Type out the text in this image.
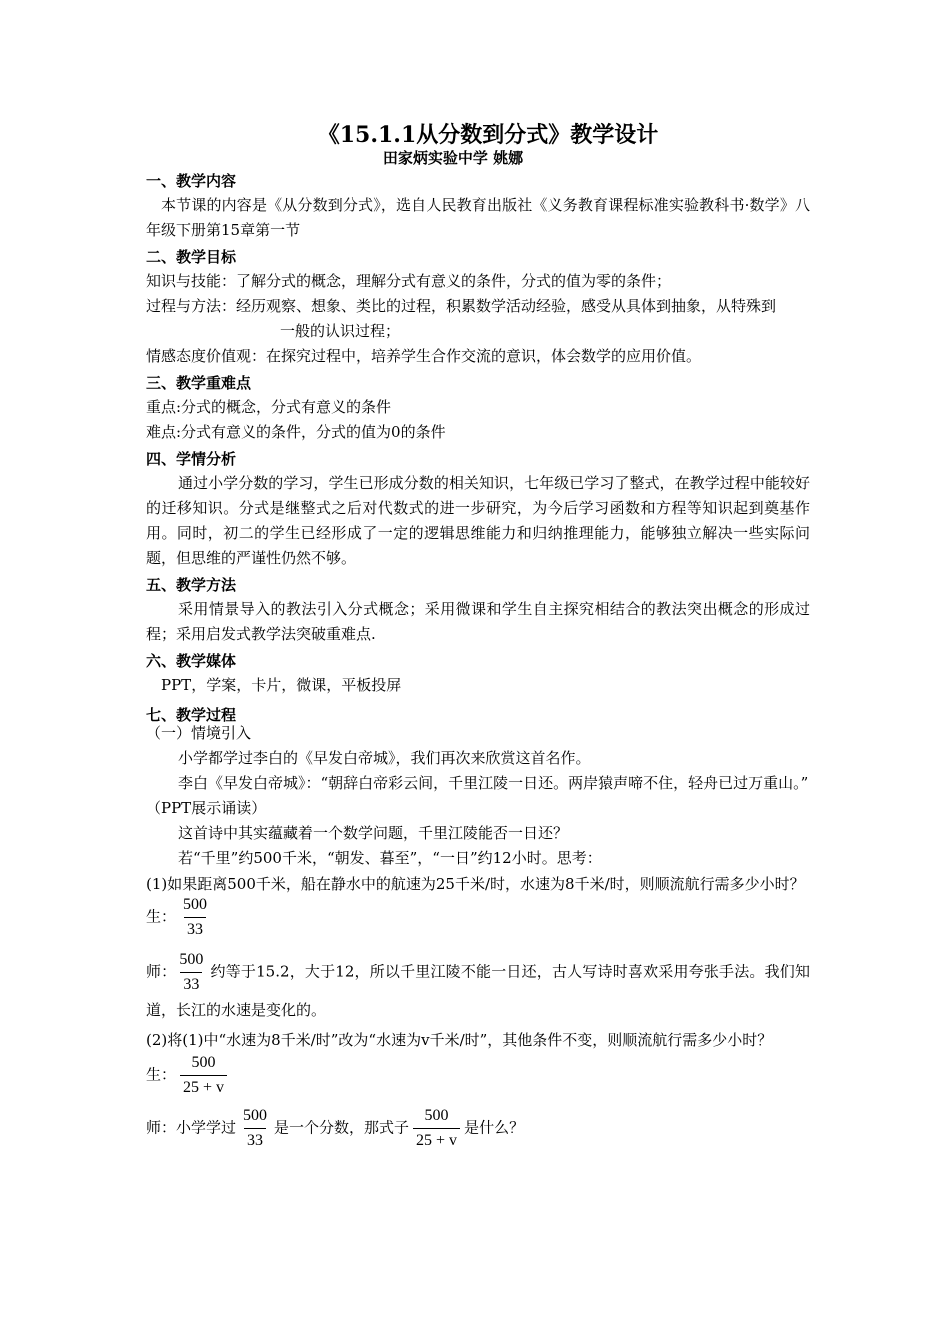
《15.1.1从分数到分式》教学设计
田家炳实验中学 姚娜
一、教学内容
本节课的内容是《从分数到分式》，选自人民教育出版社《义务教育课程标准实验教科书·数学》八年级下册第15章第一节
二、教学目标
知识与技能：了解分式的概念，理解分式有意义的条件，分式的值为零的条件；
过程与方法：经历观察、想象、类比的过程，积累数学活动经验，感受从具体到抽象，从特殊到
一般的认识过程；
情感态度价值观：在探究过程中，培养学生合作交流的意识，体会数学的应用价值。
三、教学重难点
重点:分式的概念，分式有意义的条件
难点:分式有意义的条件，分式的值为0的条件
四、学情分析
通过小学分数的学习，学生已形成分数的相关知识，七年级已学习了整式，在教学过程中能较好的迁移知识。分式是继整式之后对代数式的进一步研究，为今后学习函数和方程等知识起到奠基作用。同时，初二的学生已经形成了一定的逻辑思维能力和归纳推理能力，能够独立解决一些实际问题，但思维的严谨性仍然不够。
五、教学方法
采用情景导入的教法引入分式概念；采用微课和学生自主探究相结合的教法突出概念的形成过程；采用启发式教学法突破重难点.
六、教学媒体
PPT，学案，卡片，微课，平板投屏
七、教学过程
（一）情境引入
小学都学过李白的《早发白帝城》，我们再次来欣赏这首名作。
李白《早发白帝城》：“朝辞白帝彩云间，千里江陵一日还。两岸猿声啼不住，轻舟已过万重山。”
（PPT展示诵读）
这首诗中其实蕴藏着一个数学问题，千里江陵能否一日还？
若“千里”约500千米，“朝发、暮至”，“一日”约12小时。思考：
(1)如果距离500千米，船在静水中的航速为25千米/时，水速为8千米/时，则顺流航行需多少小时？
生： $\frac{500}{33}$
师： $\frac{500}{33}$ 约等于15.2，大于12，所以千里江陵不能一日还，古人写诗时喜欢采用夸张手法。我们知道，长江的水速是变化的。
(2)将(1)中“水速为8千米/时”改为“水速为v千米/时”，其他条件不变，则顺流航行需多少小时？
生： $\frac{500}{25 + v}$
师：小学学过 $\frac{500}{33}$ 是一个分数，那式子 $\frac{500}{25 + v}$ 是什么？
